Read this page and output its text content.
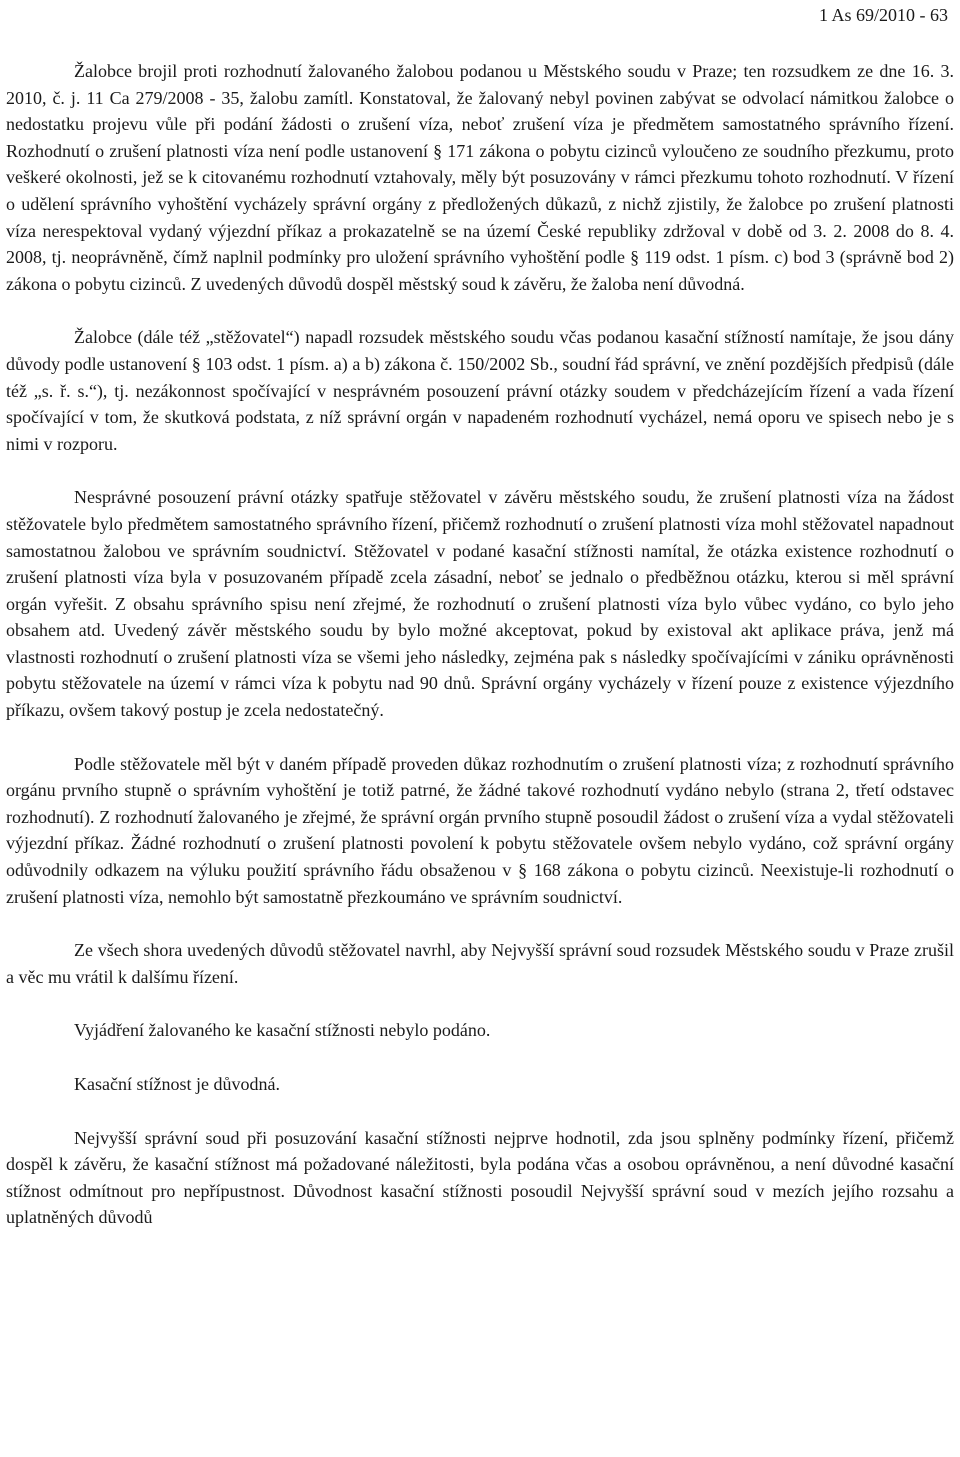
1 As 69/2010 - 63

Žalobce brojil proti rozhodnutí žalovaného žalobou podanou u Městského soudu v Praze; ten rozsudkem ze dne 16. 3. 2010, č. j. 11 Ca 279/2008 - 35, žalobu zamítl. Konstatoval, že žalovaný nebyl povinen zabývat se odvolací námitkou žalobce o nedostatku projevu vůle při podání žádosti o zrušení víza, neboť zrušení víza je předmětem samostatného správního řízení. Rozhodnutí o zrušení platnosti víza není podle ustanovení § 171 zákona o pobytu cizinců vyloučeno ze soudního přezkumu, proto veškeré okolnosti, jež se k citovanému rozhodnutí vztahovaly, měly být posuzovány v rámci přezkumu tohoto rozhodnutí. V řízení o udělení správního vyhoštění vycházely správní orgány z předložených důkazů, z nichž zjistily, že žalobce po zrušení platnosti víza nerespektoval vydaný výjezdní příkaz a prokazatelně se na území České republiky zdržoval v době od 3. 2. 2008 do 8. 4. 2008, tj. neoprávněně, čímž naplnil podmínky pro uložení správního vyhoštění podle § 119 odst. 1 písm. c) bod 3 (správně bod 2) zákona o pobytu cizinců. Z uvedených důvodů dospěl městský soud k závěru, že žaloba není důvodná.

Žalobce (dále též „stěžovatel“) napadl rozsudek městského soudu včas podanou kasační stížností namítaje, že jsou dány důvody podle ustanovení § 103 odst. 1 písm. a) a b) zákona č. 150/2002 Sb., soudní řád správní, ve znění pozdějších předpisů (dále též „s. ř. s.“), tj. nezákonnost spočívající v nesprávném posouzení právní otázky soudem v předcházejícím řízení a vada řízení spočívající v tom, že skutková podstata, z níž správní orgán v napadeném rozhodnutí vycházel, nemá oporu ve spisech nebo je s nimi v rozporu.

Nesprávné posouzení právní otázky spatřuje stěžovatel v závěru městského soudu, že zrušení platnosti víza na žádost stěžovatele bylo předmětem samostatného správního řízení, přičemž rozhodnutí o zrušení platnosti víza mohl stěžovatel napadnout samostatnou žalobou ve správním soudnictví. Stěžovatel v podané kasační stížnosti namítal, že otázka existence rozhodnutí o zrušení platnosti víza byla v posuzovaném případě zcela zásadní, neboť se jednalo o předběžnou otázku, kterou si měl správní orgán vyřešit. Z obsahu správního spisu není zřejmé, že rozhodnutí o zrušení platnosti víza bylo vůbec vydáno, co bylo jeho obsahem atd. Uvedený závěr městského soudu by bylo možné akceptovat, pokud by existoval akt aplikace práva, jenž má vlastnosti rozhodnutí o zrušení platnosti víza se všemi jeho následky, zejména pak s následky spočívajícími v zániku oprávněnosti pobytu stěžovatele na území v rámci víza k pobytu nad 90 dnů. Správní orgány vycházely v řízení pouze z existence výjezdního příkazu, ovšem takový postup je zcela nedostatečný.

Podle stěžovatele měl být v daném případě proveden důkaz rozhodnutím o zrušení platnosti víza; z rozhodnutí správního orgánu prvního stupně o správním vyhoštění je totiž patrné, že žádné takové rozhodnutí vydáno nebylo (strana 2, třetí odstavec rozhodnutí). Z rozhodnutí žalovaného je zřejmé, že správní orgán prvního stupně posoudil žádost o zrušení víza a vydal stěžovateli výjezdní příkaz. Žádné rozhodnutí o zrušení platnosti povolení k pobytu stěžovatele ovšem nebylo vydáno, což správní orgány odůvodnily odkazem na výluku použití správního řádu obsaženou v § 168 zákona o pobytu cizinců. Neexistuje-li rozhodnutí o zrušení platnosti víza, nemohlo být samostatně přezkoumáno ve správním soudnictví.

Ze všech shora uvedených důvodů stěžovatel navrhl, aby Nejvyšší správní soud rozsudek Městského soudu v Praze zrušil a věc mu vrátil k dalšímu řízení.

Vyjádření žalovaného ke kasační stížnosti nebylo podáno.

Kasační stížnost je důvodná.

Nejvyšší správní soud při posuzování kasační stížnosti nejprve hodnotil, zda jsou splněny podmínky řízení, přičemž dospěl k závěru, že kasační stížnost má požadované náležitosti, byla podána včas a osobou oprávněnou, a není důvodné kasační stížnost odmítnout pro nepřípustnost. Důvodnost kasační stížnosti posoudil Nejvyšší správní soud v mezích jejího rozsahu a uplatněných důvodů
